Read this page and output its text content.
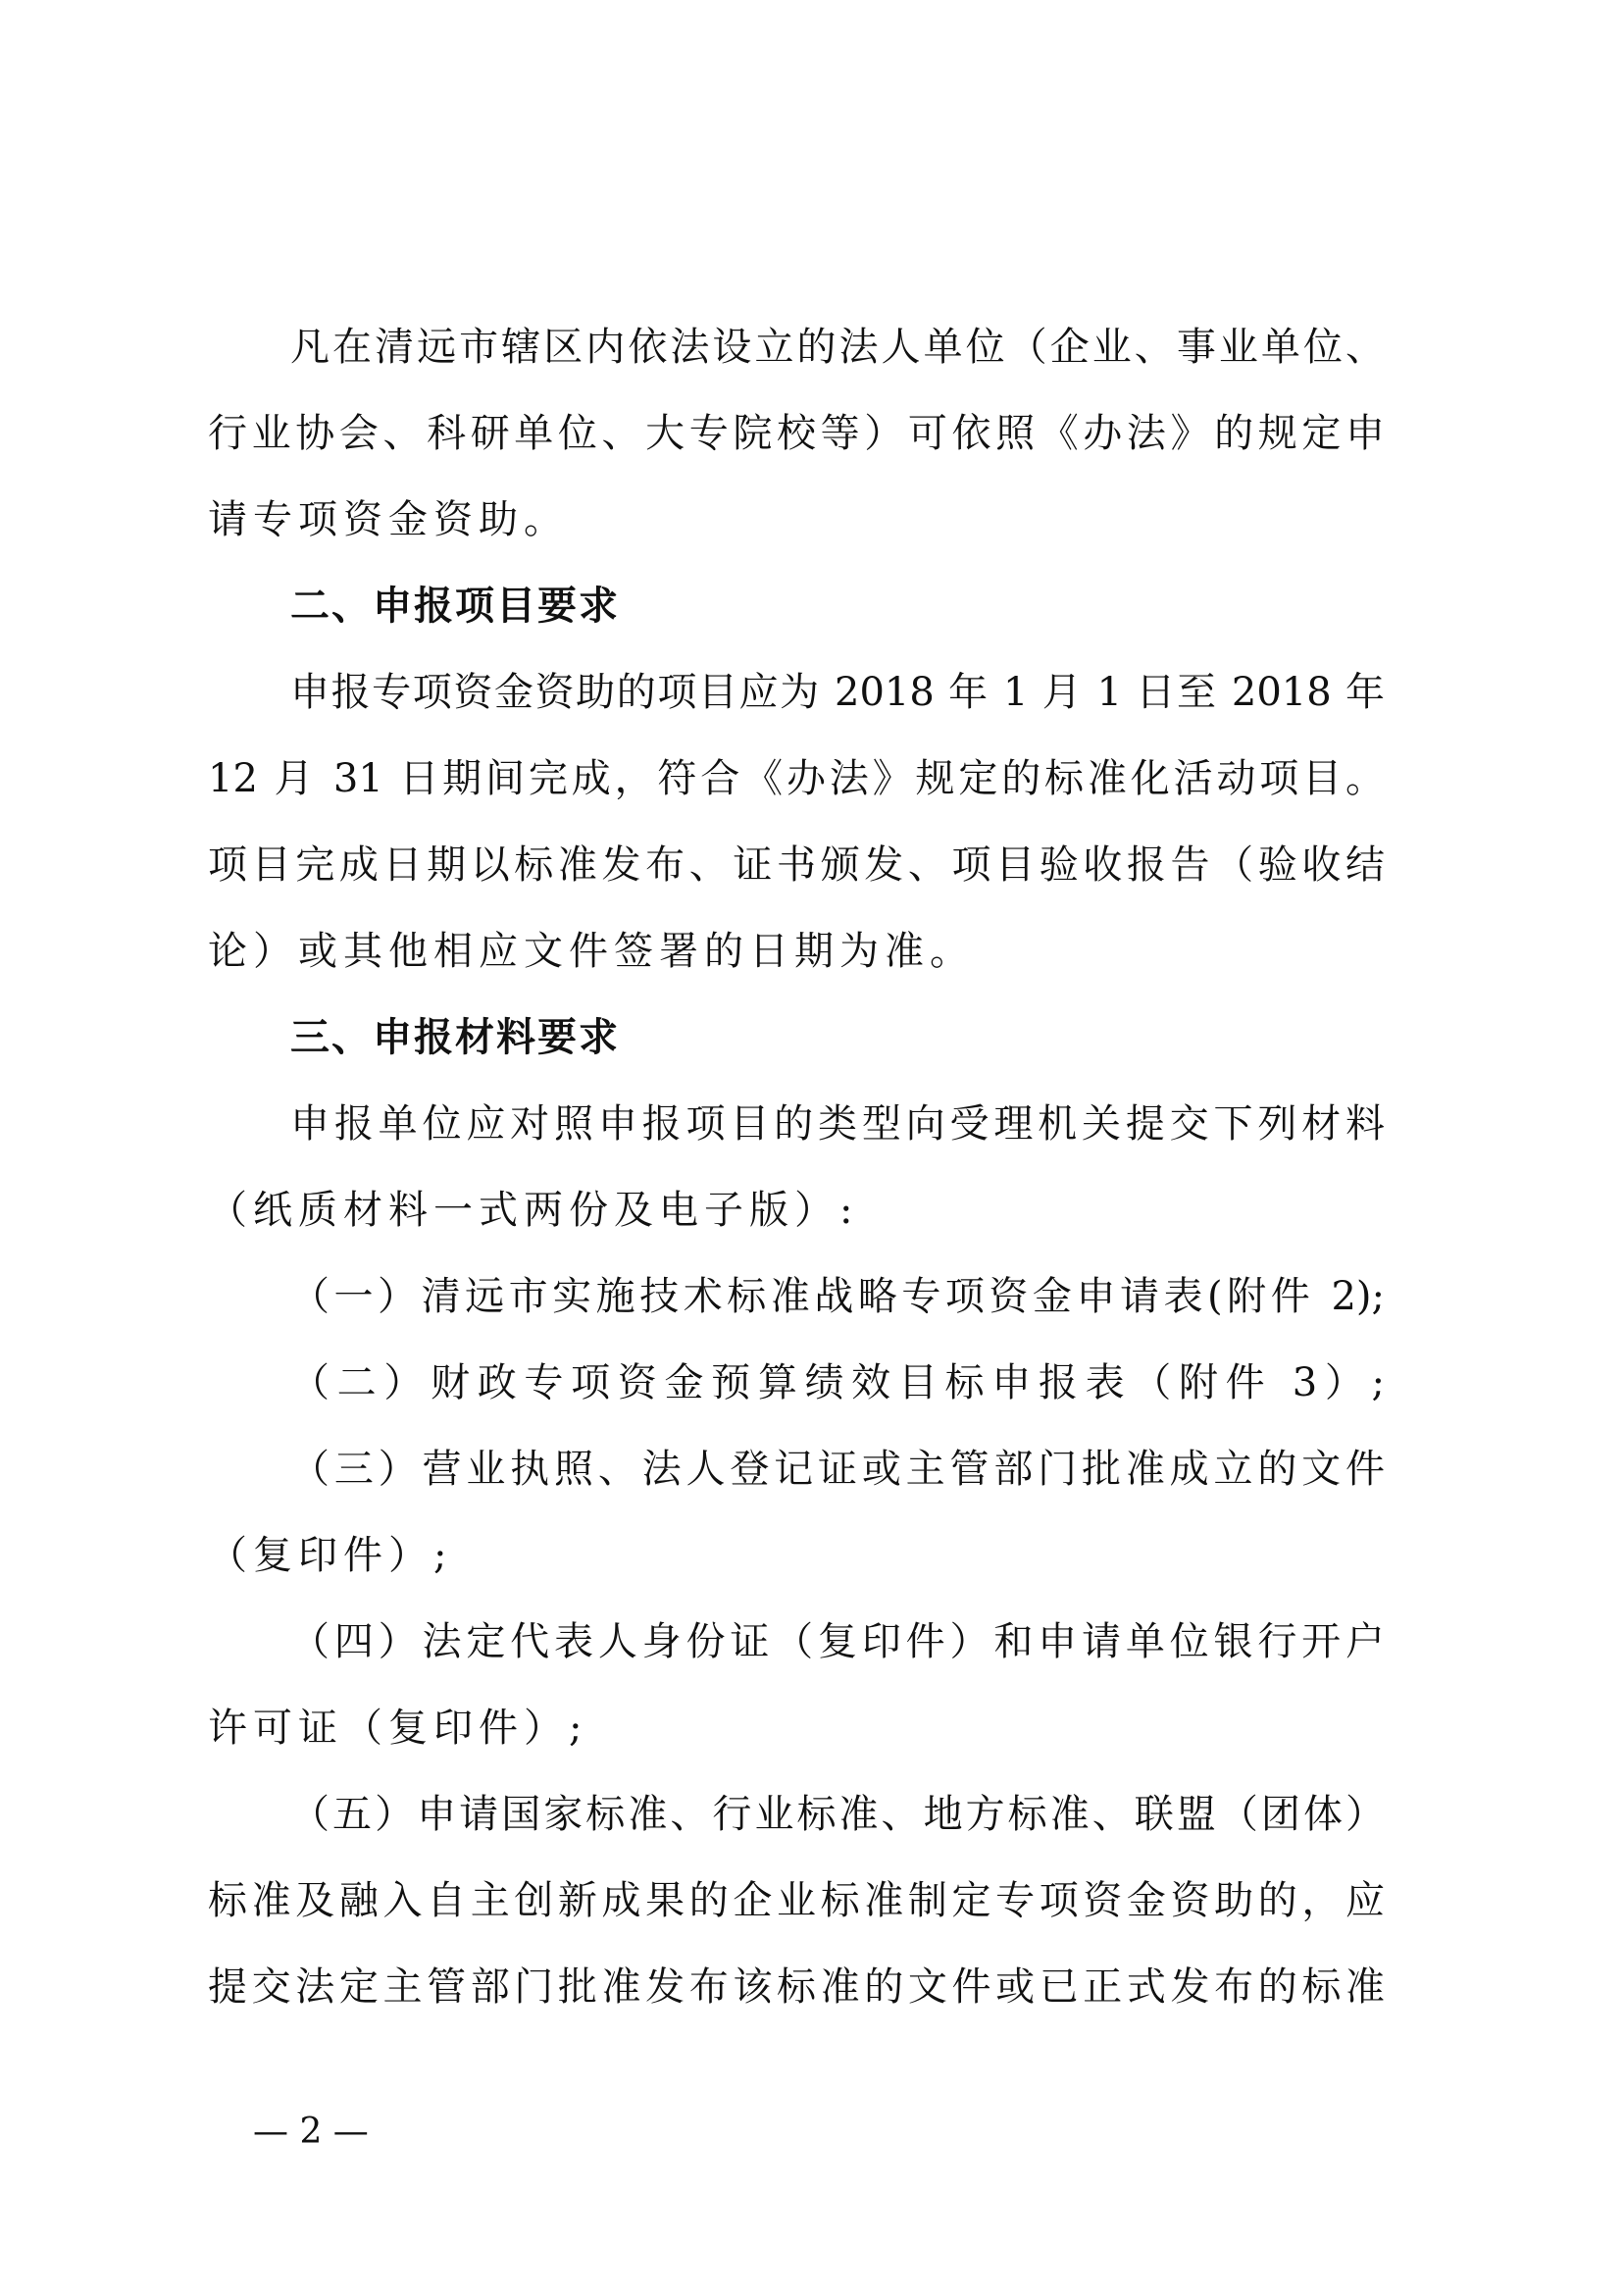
凡在清远市辖区内依法设立的法人单位（企业、事业单位、
行业协会、科研单位、大专院校等）可依照《办法》的规定申
请专项资金资助。
二、申报项目要求
申报专项资金资助的项目应为 2018 年 1 月 1 日至 2018 年
12 月 31 日期间完成，符合《办法》规定的标准化活动项目。
项目完成日期以标准发布、证书颁发、项目验收报告（验收结
论）或其他相应文件签署的日期为准。
三、申报材料要求
申报单位应对照申报项目的类型向受理机关提交下列材料
（纸质材料一式两份及电子版）:
（一）清远市实施技术标准战略专项资金申请表(附件 2);
（二）财政专项资金预算绩效目标申报表（附件 3）;
（三）营业执照、法人登记证或主管部门批准成立的文件
（复印件）;
（四）法定代表人身份证（复印件）和申请单位银行开户
许可证（复印件）;
（五）申请国家标准、行业标准、地方标准、联盟（团体）
标准及融入自主创新成果的企业标准制定专项资金资助的，应
提交法定主管部门批准发布该标准的文件或已正式发布的标准
— 2 —
